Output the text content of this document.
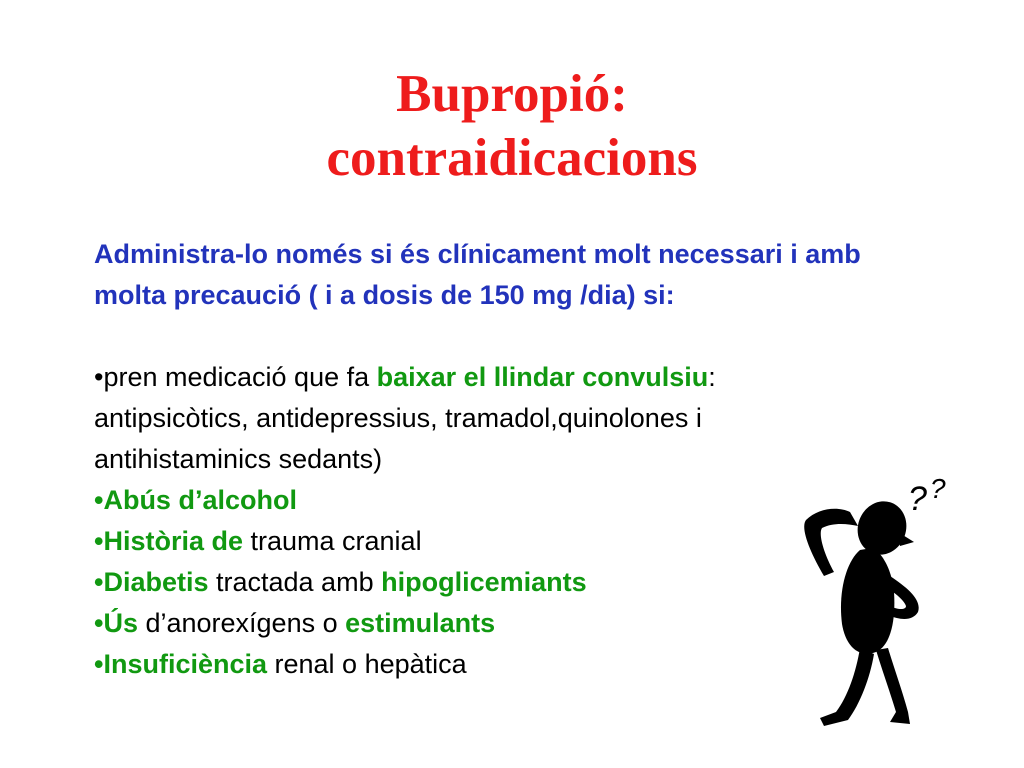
Bupropió:
contraidicacions

Administra-lo només si és clínicament molt necessari i amb molta precaució ( i a dosis de 150 mg /dia) si:

•pren medicació que fa baixar el llindar convulsiu:

antipsicòtics, antidepressius, tramadol,quinolones i

antihistaminics sedants)

•Abús d’alcohol

•Història de trauma cranial

•Diabetis tractada amb hipoglicemiants

•Ús d’anorexígens o estimulants

•Insuficiència renal o hepàtica

? ?
